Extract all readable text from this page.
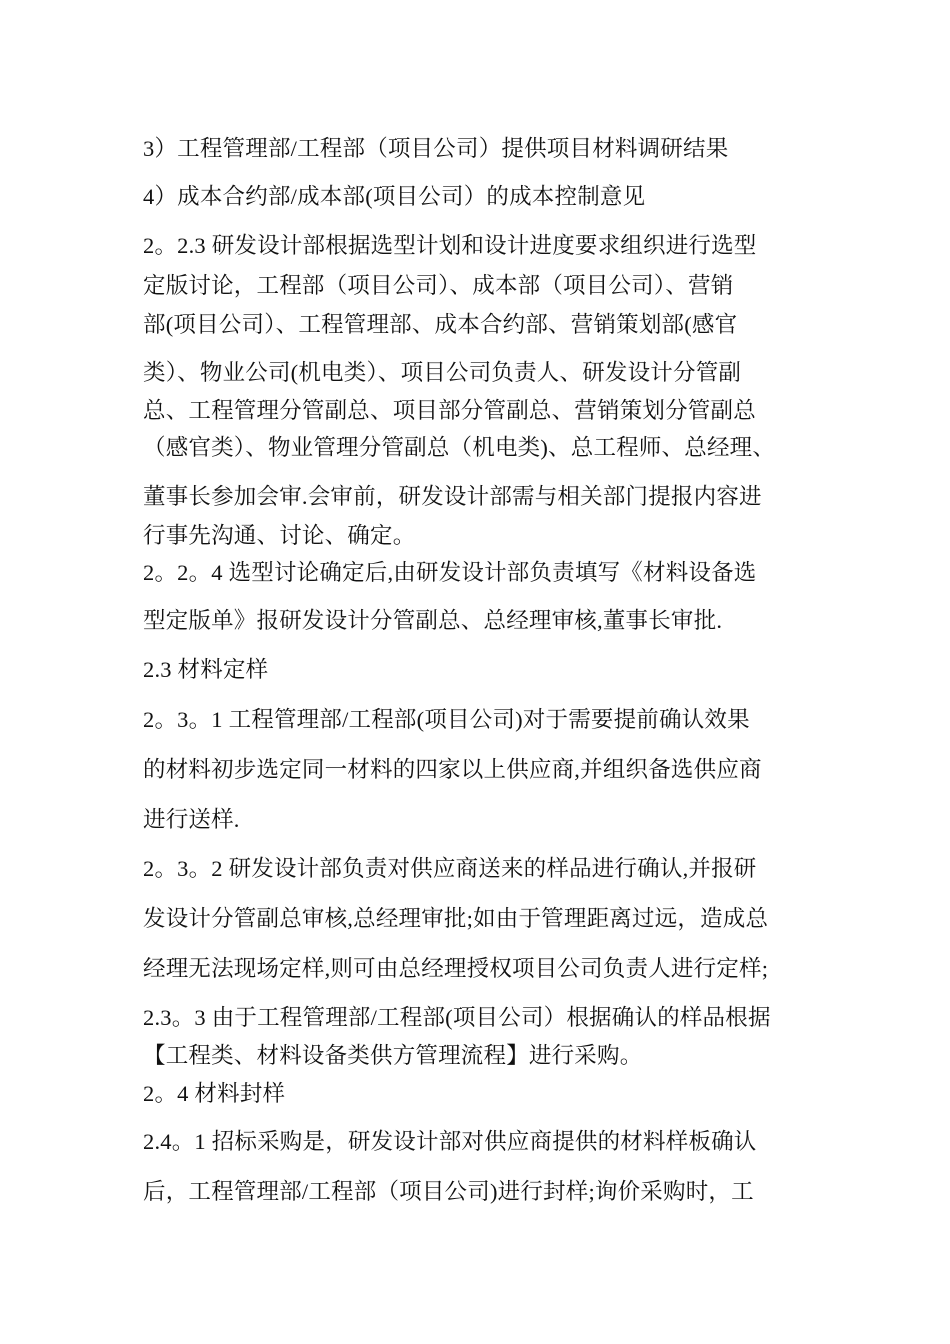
3）工程管理部/工程部（项目公司）提供项目材料调研结果
4）成本合约部/成本部(项目公司）的成本控制意见
2。2.3 研发设计部根据选型计划和设计进度要求组织进行选型
定版讨论，工程部（项目公司）、成本部（项目公司）、营销
部(项目公司）、工程管理部、成本合约部、营销策划部(感官
类）、物业公司(机电类）、项目公司负责人、研发设计分管副
总、工程管理分管副总、项目部分管副总、营销策划分管副总
（感官类）、物业管理分管副总（机电类)、总工程师、总经理、
董事长参加会审.会审前，研发设计部需与相关部门提报内容进
行事先沟通、讨论、确定。
2。2。4 选型讨论确定后,由研发设计部负责填写《材料设备选
型定版单》报研发设计分管副总、总经理审核,董事长审批.
2.3 材料定样
2。3。1 工程管理部/工程部(项目公司)对于需要提前确认效果
的材料初步选定同一材料的四家以上供应商,并组织备选供应商
进行送样.
2。3。2 研发设计部负责对供应商送来的样品进行确认,并报研
发设计分管副总审核,总经理审批;如由于管理距离过远，造成总
经理无法现场定样,则可由总经理授权项目公司负责人进行定样;
2.3。3 由于工程管理部/工程部(项目公司）根据确认的样品根据
【工程类、材料设备类供方管理流程】进行采购。
2。4 材料封样
2.4。1 招标采购是，研发设计部对供应商提供的材料样板确认
后，工程管理部/工程部（项目公司)进行封样;询价采购时，工
